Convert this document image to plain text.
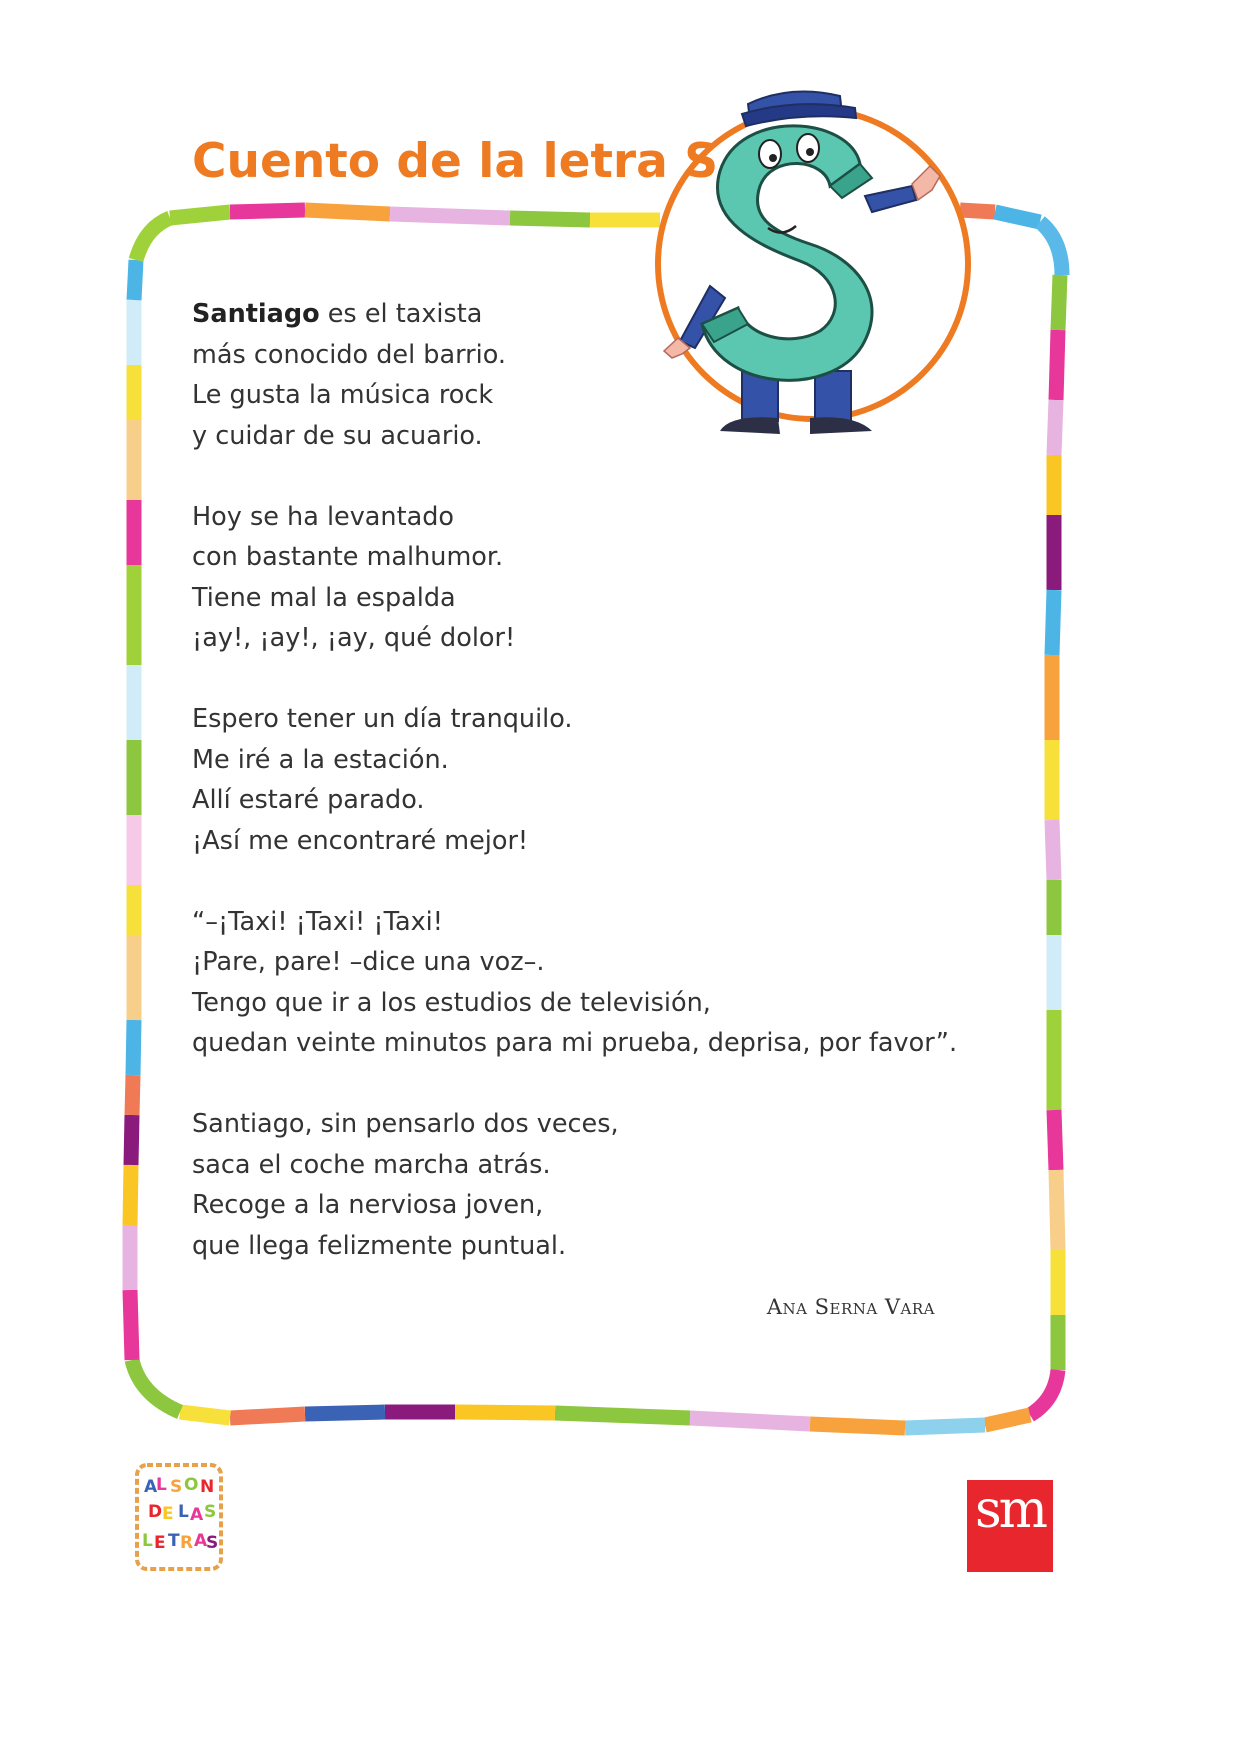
Cuento de la letra S
Santiago es el taxista
más conocido del barrio.
Le gusta la música rock
y cuidar de su acuario.
Hoy se ha levantado
con bastante malhumor.
Tiene mal la espalda
¡ay!, ¡ay!, ¡ay, qué dolor!
Espero tener un día tranquilo.
Me iré a la estación.
Allí estaré parado.
¡Así me encontraré mejor!
“–¡Taxi! ¡Taxi! ¡Taxi!
¡Pare, pare! –dice una voz–.
Tengo que ir a los estudios de televisión,
quedan veinte minutos para mi prueba, deprisa, por favor”.
Santiago, sin pensarlo dos veces,
saca el coche marcha atrás.
Recoge a la nerviosa joven,
que llega felizmente puntual.
Ana Serna Vara
A
L S O N
D E L A S
L E T R A
S
sm
